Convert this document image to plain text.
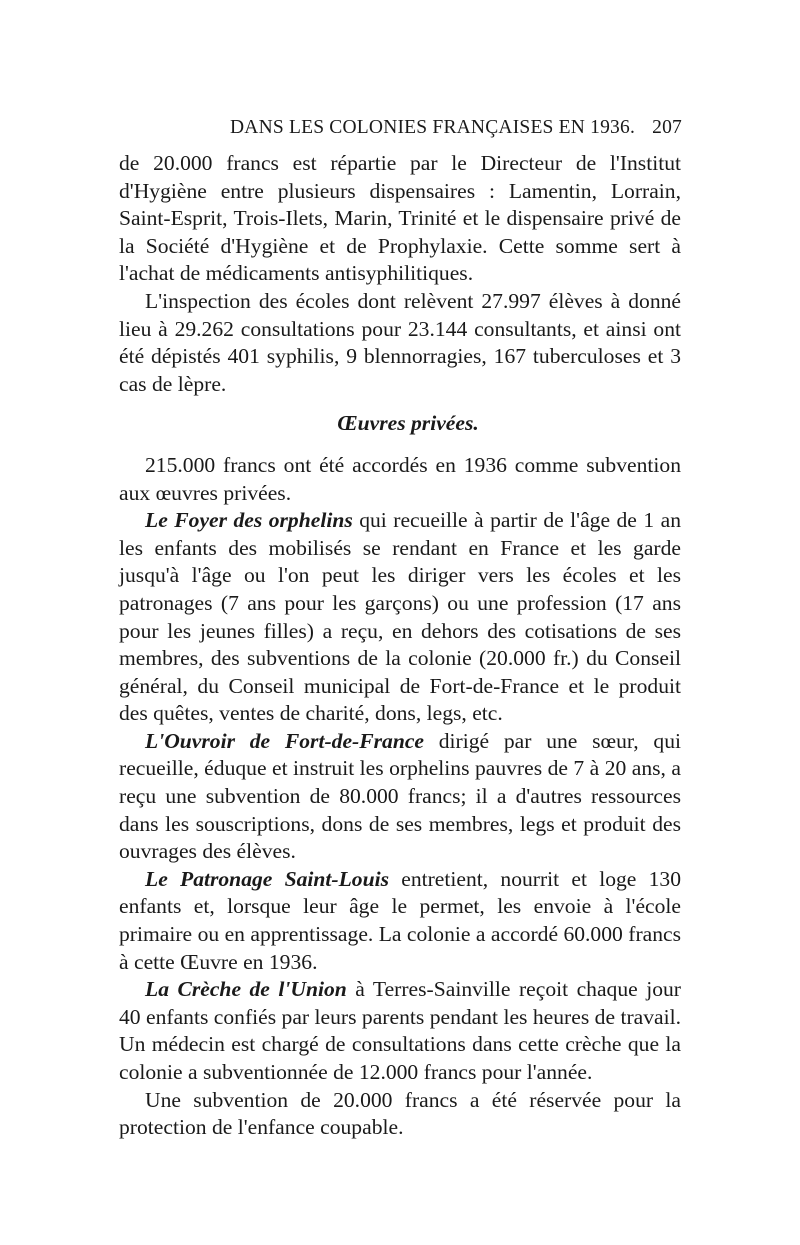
DANS LES COLONIES FRANÇAISES EN 1936. 207

de 20.000 francs est répartie par le Directeur de l'Institut d'Hygiène entre plusieurs dispensaires : Lamentin, Lorrain, Saint-Esprit, Trois-Ilets, Marin, Trinité et le dispensaire privé de la Société d'Hygiène et de Prophylaxie. Cette somme sert à l'achat de médicaments antisyphilitiques.

L'inspection des écoles dont relèvent 27.997 élèves à donné lieu à 29.262 consultations pour 23.144 consultants, et ainsi ont été dépistés 401 syphilis, 9 blennorragies, 167 tuberculoses et 3 cas de lèpre.

Œuvres privées.

215.000 francs ont été accordés en 1936 comme subvention aux œuvres privées.

Le Foyer des orphelins qui recueille à partir de l'âge de 1 an les enfants des mobilisés se rendant en France et les garde jusqu'à l'âge ou l'on peut les diriger vers les écoles et les patronages (7 ans pour les garçons) ou une profession (17 ans pour les jeunes filles) a reçu, en dehors des cotisations de ses membres, des subventions de la colonie (20.000 fr.) du Conseil général, du Conseil municipal de Fort-de-France et le produit des quêtes, ventes de charité, dons, legs, etc.

L'Ouvroir de Fort-de-France dirigé par une sœur, qui recueille, éduque et instruit les orphelins pauvres de 7 à 20 ans, a reçu une subvention de 80.000 francs; il a d'autres ressources dans les souscriptions, dons de ses membres, legs et produit des ouvrages des élèves.

Le Patronage Saint-Louis entretient, nourrit et loge 130 enfants et, lorsque leur âge le permet, les envoie à l'école primaire ou en apprentissage. La colonie a accordé 60.000 francs à cette Œuvre en 1936.

La Crèche de l'Union à Terres-Sainville reçoit chaque jour 40 enfants confiés par leurs parents pendant les heures de travail. Un médecin est chargé de consultations dans cette crèche que la colonie a subventionnée de 12.000 francs pour l'année.

Une subvention de 20.000 francs a été réservée pour la protection de l'enfance coupable.
